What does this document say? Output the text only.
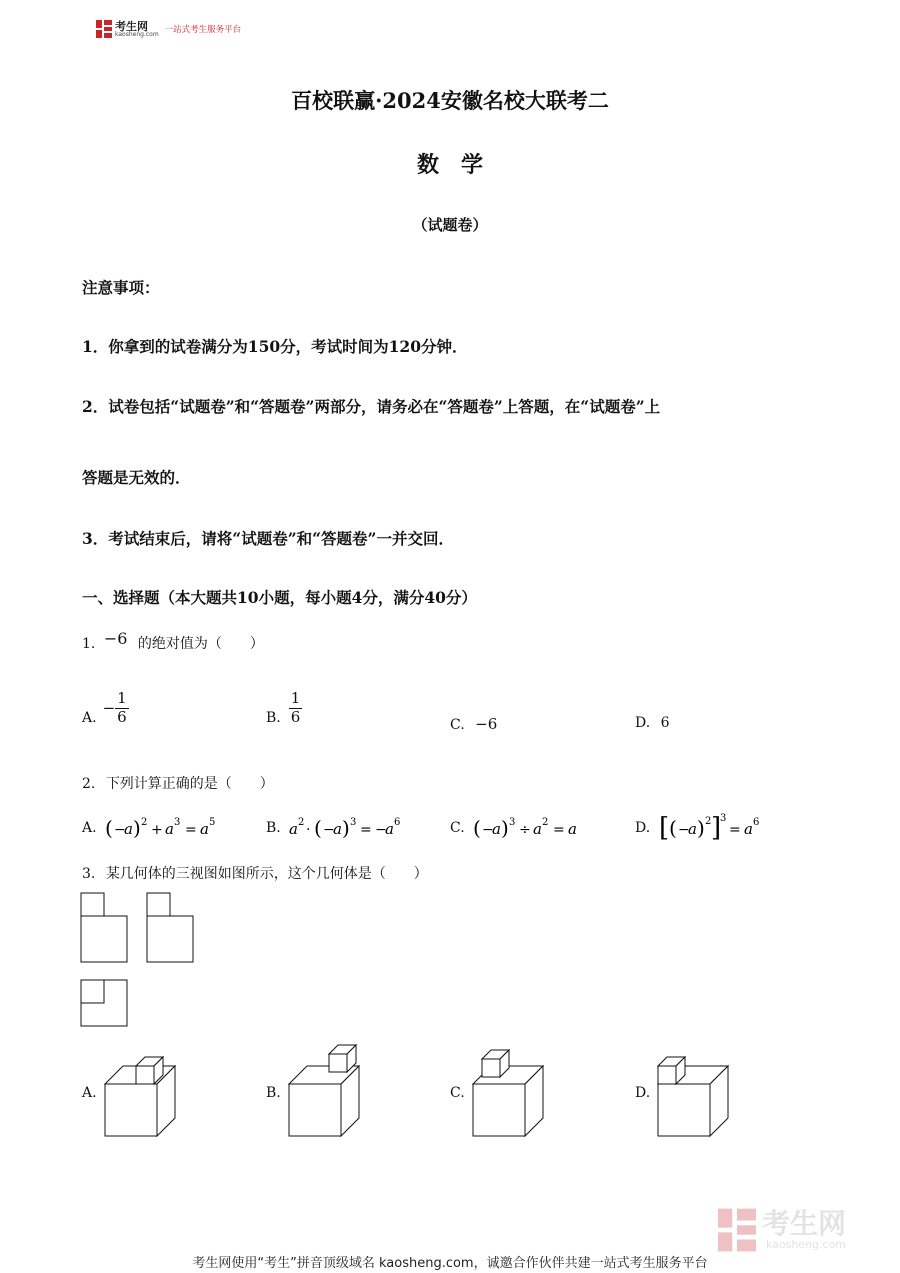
考生网
kaosheng.com 一站式考生服务平台
百校联赢·2024安徽名校大联考二
数学
（试题卷）
注意事项：
1．你拿到的试卷满分为150分，考试时间为120分钟．
2．试卷包括“试题卷”和“答题卷”两部分，请务必在“答题卷”上答题，在“试题卷”上
答题是无效的．
3．考试结束后，请将“试题卷”和“答题卷”一并交回．
一、选择题（本大题共10小题，每小题4分，满分40分）
1. −6 的绝对值为（　　）
A.
− $\frac{1}{6}$	B. $\frac{1}{6}$	C. −6	D. 6
2. 下列计算正确的是（　　）
A. ( −
a ) 2 + a 3 = a 5	B. a 2 · ( −
a ) 3 = −
a 6	C. ( −
a ) 3 ÷ a 2 = a	D. [ ( −
a ) 2 ]
3
= a 6
3. 某几何体的三视图如图所示，这个几何体是（　　）
A.	B.	C.	D.
考生网
kaosheng.com
考生网使用“考生”拼音顶级域名 kaosheng.com，诚邀合作伙伴共建一站式考生服务平台
